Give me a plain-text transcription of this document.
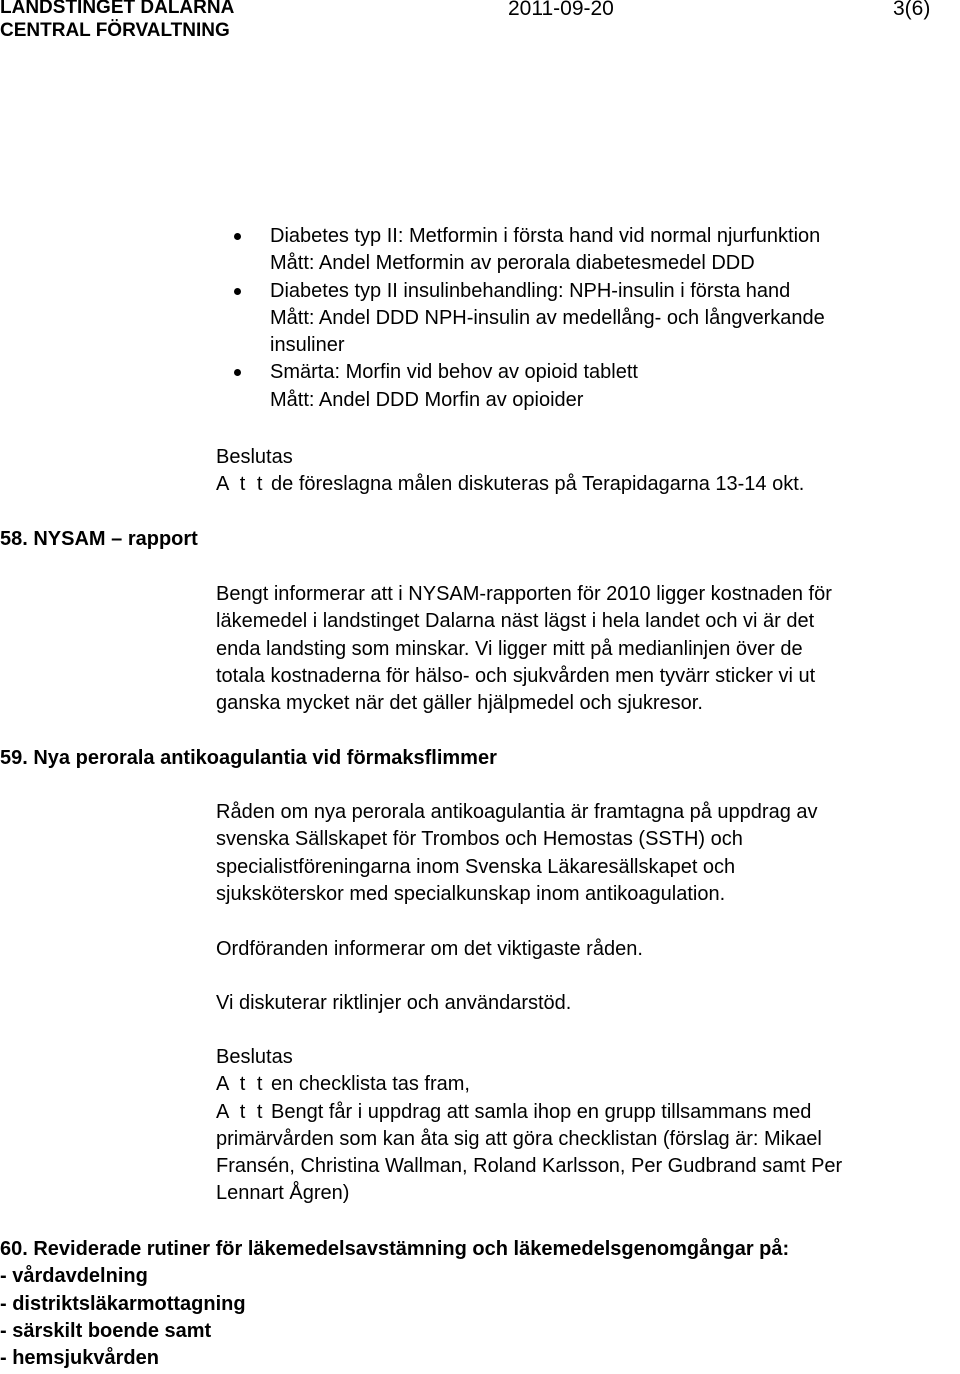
LANDSTINGET DALARNA
CENTRAL FÖRVALTNING
2011-09-20	3(6)
Diabetes typ II: Metformin i första hand vid normal njurfunktion
Mått: Andel Metformin av perorala diabetesmedel DDD
Diabetes typ II insulinbehandling: NPH-insulin i första hand
Mått: Andel DDD NPH-insulin av medellång- och långverkande
insuliner
Smärta: Morfin vid behov av opioid tablett
Mått: Andel DDD Morfin av opioider
Beslutas
A t t de föreslagna målen diskuteras på Terapidagarna 13-14 okt.
58. NYSAM – rapport
Bengt informerar att i NYSAM-rapporten för 2010 ligger kostnaden för
läkemedel i landstinget Dalarna näst lägst i hela landet och vi är det
enda landsting som minskar. Vi ligger mitt på medianlinjen över de
totala kostnaderna för hälso- och sjukvården men tyvärr sticker vi ut
ganska mycket när det gäller hjälpmedel och sjukresor.
59. Nya perorala antikoagulantia vid förmaksflimmer
Råden om nya perorala antikoagulantia är framtagna på uppdrag av
svenska Sällskapet för Trombos och Hemostas (SSTH) och
specialistföreningarna inom Svenska Läkaresällskapet och
sjuksköterskor med specialkunskap inom antikoagulation.
Ordföranden informerar om det viktigaste råden.
Vi diskuterar riktlinjer och användarstöd.
Beslutas
A t t en checklista tas fram,
A t t Bengt får i uppdrag att samla ihop en grupp tillsammans med
primärvården som kan åta sig att göra checklistan (förslag är: Mikael
Fransén, Christina Wallman, Roland Karlsson, Per Gudbrand samt Per
Lennart Ågren)
60. Reviderade rutiner för läkemedelsavstämning och läkemedelsgenomgångar på:
- vårdavdelning
- distriktsläkarmottagning
- särskilt boende samt
- hemsjukvården
